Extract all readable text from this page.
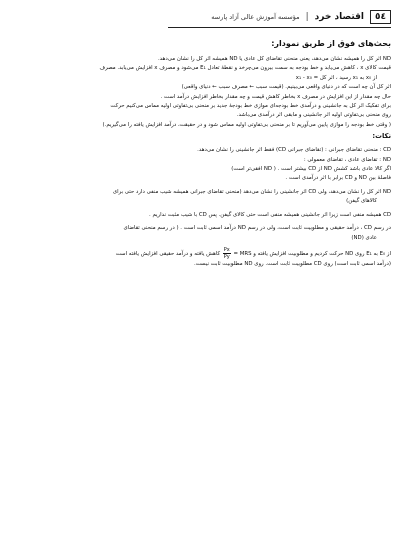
٥٤
اقتصاد خرد
|
مؤسسه آموزش عالی آزاد پارسه
بحث‌های فوق از طریق نمودار:

ND اثر کل را همیشه نشان می‌دهد، یعنی منحنی تقاضای کل عادی یا ND همیشه اثر کل را نشان می‌دهد.

قیمت کالای x ، کاهش می‌یابد و خط بودجه به سمت بیرون می‌چرخد و نقطهٔ تعادل E₁ می‌شود و مصرف x افزایش می‌یابد. مصرف

از x₀ به x₁ رسید ، اثر کل = x₁ - x₀

اثر کل آن چه است که در دنیای واقعی می‌بینیم. (قیمت سبب ← مصرف سبب ← دنیای واقعی)

حال چه مقدار از این افزایش در مصرف x بخاطر کاهش قیمت و چه مقدار بخاطر افزایش درآمد است .

برای تفکیک اثر کل به جانشینی و درآمدی خط بودجه‌ای موازی خط بودجهٔ جدید بر منحنی بی‌تفاوتی اولیه مماس می‌کنیم حرکت

روی منحنی بی‌تفاوتی اولیه اثر جانشینی و مابقی اثر درآمدی می‌باشد.

( وقتی خط بودجه را موازی پایین می‌آوریم تا بر منحنی بی‌تفاوتی اولیه مماس شود و در حقیقت، درآمد افزایش یافته را می‌گیریم.)

نکات:

CD : منحنی تقاضای جبرانی : (تقاضای جبرانی CD) فقط اثر جانشینی را نشان می‌دهد.

ND : تقاضای عادی ، تقاضای معمولی :

اگر کالا عادی باشد کشش ND از CD بیشتر است . ( ND افقی‌تر است)

فاصلهٔ بین ND و CD برابر با اثر درآمدی است .

ND اثر کل را نشان می‌دهد، ولی CD اثر جانشینی را نشان می‌دهد (منحنی تقاضای جبرانی همیشه شیب منفی دارد حتی برای

کالاهای گیفن)

CD همیشه منفی است زیرا اثر جانشینی همیشه منفی است حتی کالای گیفن. پس CD با شیب مثبت نداریم .

در رسم CD ، درآمد حقیقی و مطلوبیت ثابت است، ولی در رسم ND درآمد اسمی ثابت است . ( در رسم منحنی تقاضای

عادی (ND)

از E₀ به E₁ روی ND حرکت کردیم و مطلوبیت افزایش یافته و MRS =
$\frac{Px}{Py}$
کاهش یافته و درآمد حقیقی افزایش یافته است

(درآمد اسمی ثابت است) روی CD مطلوبیت ثابت است. روی ND مطلوبیت ثابت نیست.
